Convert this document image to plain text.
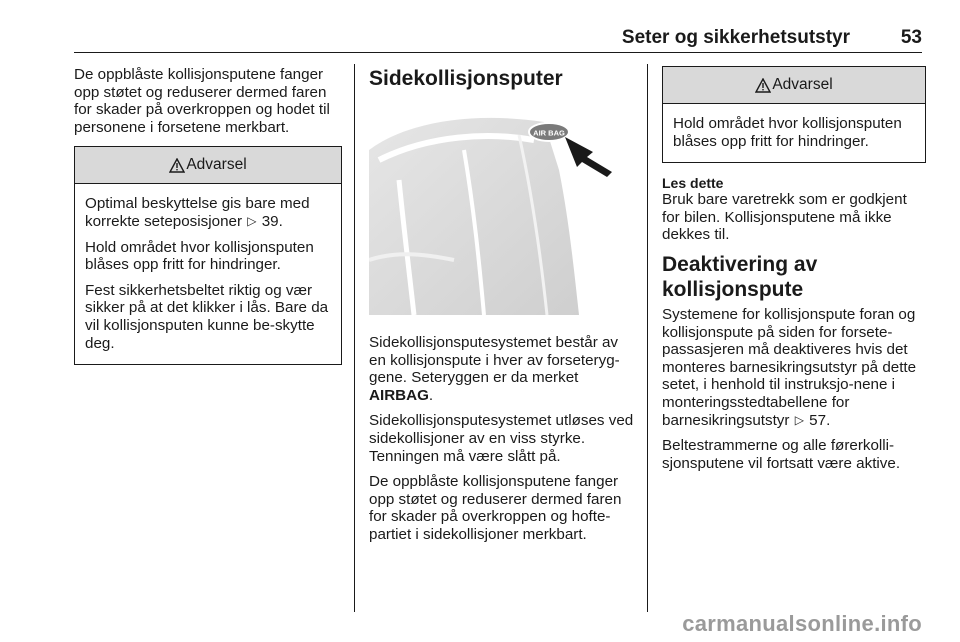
Seter og sikkerhetsutstyr	53

De oppblåste kollisjonsputene fanger opp støtet og reduserer dermed faren for skader på overkroppen og hodet til personene i forsetene merkbart.

Advarsel

Optimal beskyttelse gis bare med korrekte seteposisjoner ▷ 39.

Hold området hvor kollisjonsputen blåses opp fritt for hindringer.

Fest sikkerhetsbeltet riktig og vær sikker på at det klikker i lås. Bare da vil kollisjonsputen kunne be-skytte deg.

Sidekollisjonsputer
AIR BAG

Sidekollisjonsputesystemet består av en kollisjonspute i hver av forseteryg-gene. Seteryggen er da merket AIRBAG.

Sidekollisjonsputesystemet utløses ved sidekollisjoner av en viss styrke. Tenningen må være slått på.

De oppblåste kollisjonsputene fanger opp støtet og reduserer dermed faren for skader på overkroppen og hofte-partiet i sidekollisjoner merkbart.

Advarsel

Hold området hvor kollisjonsputen blåses opp fritt for hindringer.

Les dette

Bruk bare varetrekk som er godkjent for bilen. Kollisjonsputene må ikke dekkes til.

Deaktivering av kollisjonspute

Systemene for kollisjonspute foran og kollisjonspute på siden for forsete-passasjeren må deaktiveres hvis det monteres barnesikringsutstyr på dette setet, i henhold til instruksjo-nene i monteringsstedtabellene for barnesikringsutstyr ▷ 57.

Beltestrammerne og alle førerkolli-sjonsputene vil fortsatt være aktive.

carmanualsonline.info
